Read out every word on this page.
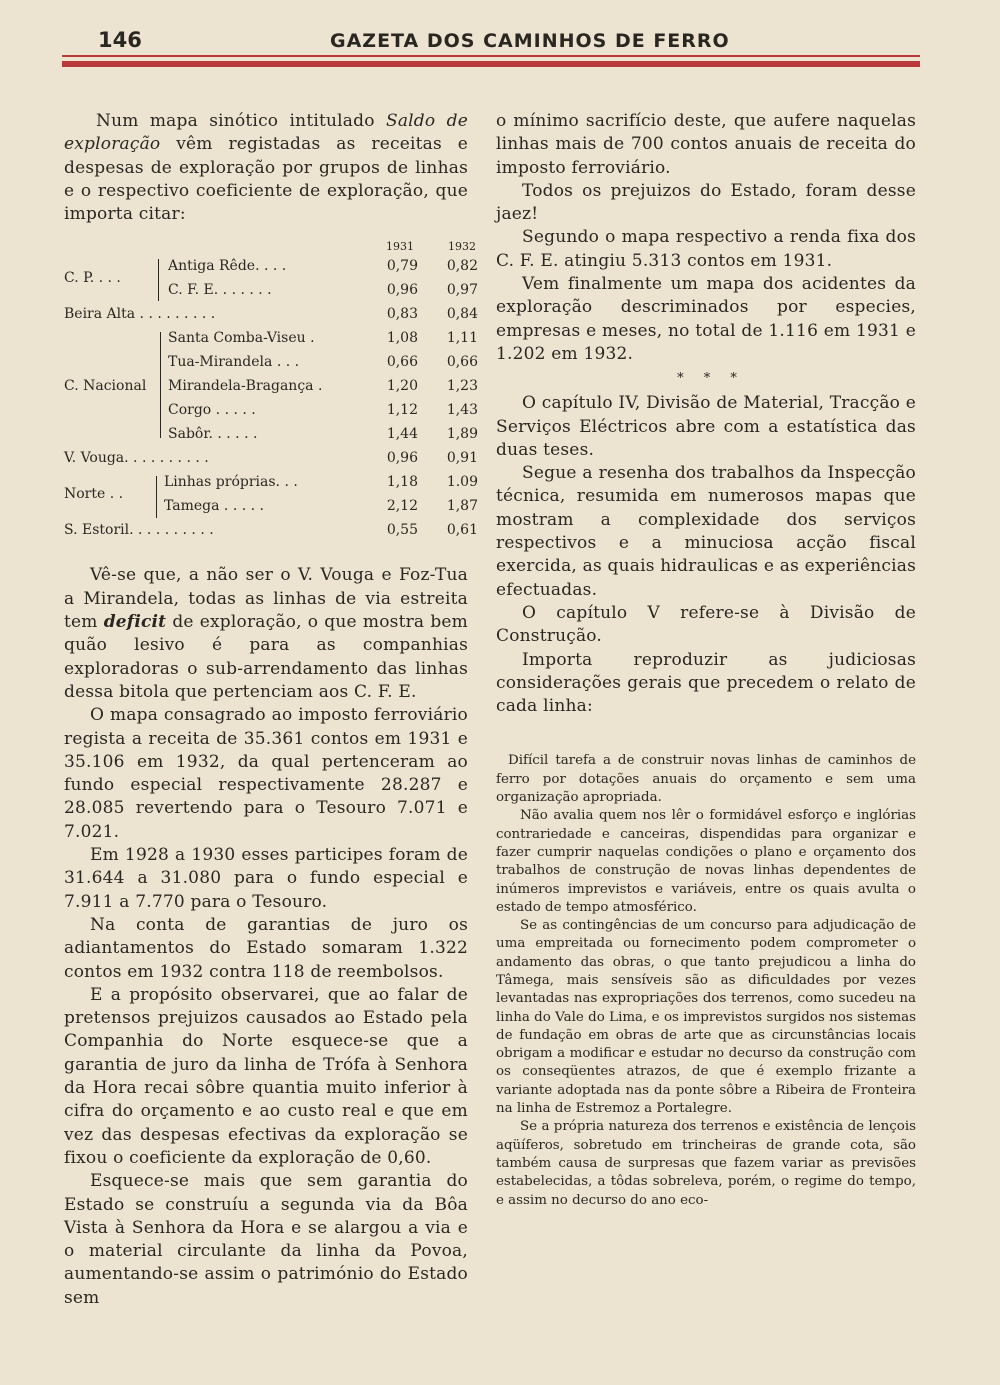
146	GAZETA DOS CAMINHOS DE FERRO

Num mapa sinótico intitulado Saldo de exploração vêm registadas as receitas e despesas de exploração por grupos de linhas e o respectivo coeficiente de exploração, que importa citar:

1931	1932
C. P. . . .
Antiga Rêde. . . .	0,79	0,82
C. F. E. . . . . . .	0,96	0,97
Beira Alta . . . . . . . . .	0,83	0,84
C. Nacional
Santa Comba-Viseu .	1,08	1,11
Tua-Mirandela . . .	0,66	0,66
Mirandela-Bragança .	1,20	1,23
Corgo . . . . .	1,12	1,43
Sabôr. . . . . .	1,44	1,89
V. Vouga. . . . . . . . . .	0,96	0,91
Norte . .
Linhas próprias. . .	1,18	1.09
Tamega . . . . .	2,12	1,87
S. Estoril. . . . . . . . . .	0,55	0,61

Vê-se que, a não ser o V. Vouga e Foz-Tua a Mirandela, todas as linhas de via estreita tem deficit de exploração, o que mostra bem quão lesivo é para as companhias exploradoras o sub-arrendamento das linhas dessa bitola que pertenciam aos C. F. E.

O mapa consagrado ao imposto ferroviário regista a receita de 35.361 contos em 1931 e 35.106 em 1932, da qual pertenceram ao fundo especial respectivamente 28.287 e 28.085 revertendo para o Tesouro 7.071 e 7.021.

Em 1928 a 1930 esses participes foram de 31.644 a 31.080 para o fundo especial e 7.911 a 7.770 para o Tesouro.

Na conta de garantias de juro os adiantamentos do Estado somaram 1.322 contos em 1932 contra 118 de reembolsos.

E a propósito observarei, que ao falar de pretensos prejuizos causados ao Estado pela Companhia do Norte esquece-se que a garantia de juro da linha de Trófa à Senhora da Hora recai sôbre quantia muito inferior à cifra do orçamento e ao custo real e que em vez das despesas efectivas da exploração se fixou o coeficiente da exploração de 0,60.

Esquece-se mais que sem garantia do Estado se construíu a segunda via da Bôa Vista à Senhora da Hora e se alargou a via e o material circulante da linha da Povoa, aumentando-se assim o património do Estado sem

o mínimo sacrifício deste, que aufere naquelas linhas mais de 700 contos anuais de receita do imposto ferroviário.

Todos os prejuizos do Estado, foram desse jaez!

Segundo o mapa respectivo a renda fixa dos C. F. E. atingiu 5.313 contos em 1931.

Vem finalmente um mapa dos acidentes da exploração descriminados por especies, empresas e meses, no total de 1.116 em 1931 e 1.202 em 1932.

* * *

O capítulo IV, Divisão de Material, Tracção e Serviços Eléctricos abre com a estatística das duas teses.

Segue a resenha dos trabalhos da Inspecção técnica, resumida em numerosos mapas que mostram a complexidade dos serviços respectivos e a minuciosa acção fiscal exercida, as quais hidraulicas e as experiências efectuadas.

O capítulo V refere-se à Divisão de Construção.

Importa reproduzir as judiciosas considerações gerais que precedem o relato de cada linha:

Difícil tarefa a de construir novas linhas de caminhos de ferro por dotações anuais do orçamento e sem uma organização apropriada.

Não avalia quem nos lêr o formidável esforço e inglórias contrariedade e canceiras, dispendidas para organizar e fazer cumprir naquelas condições o plano e orçamento dos trabalhos de construção de novas linhas dependentes de inúmeros imprevistos e variáveis, entre os quais avulta o estado de tempo atmosférico.

Se as contingências de um concurso para adjudicação de uma empreitada ou fornecimento podem comprometer o andamento das obras, o que tanto prejudicou a linha do Tâmega, mais sensíveis são as dificuldades por vezes levantadas nas expropriações dos terrenos, como sucedeu na linha do Vale do Lima, e os imprevistos surgidos nos sistemas de fundação em obras de arte que as circunstâncias locais obrigam a modificar e estudar no decurso da construção com os conseqüentes atrazos, de que é exemplo frizante a variante adoptada nas da ponte sôbre a Ribeira de Fronteira na linha de Estremoz a Portalegre.

Se a própria natureza dos terrenos e existência de lençois aqüíferos, sobretudo em trincheiras de grande cota, são também causa de surpresas que fazem variar as previsões estabelecidas, a tôdas sobreleva, porém, o regime do tempo, e assim no decurso do ano eco-
